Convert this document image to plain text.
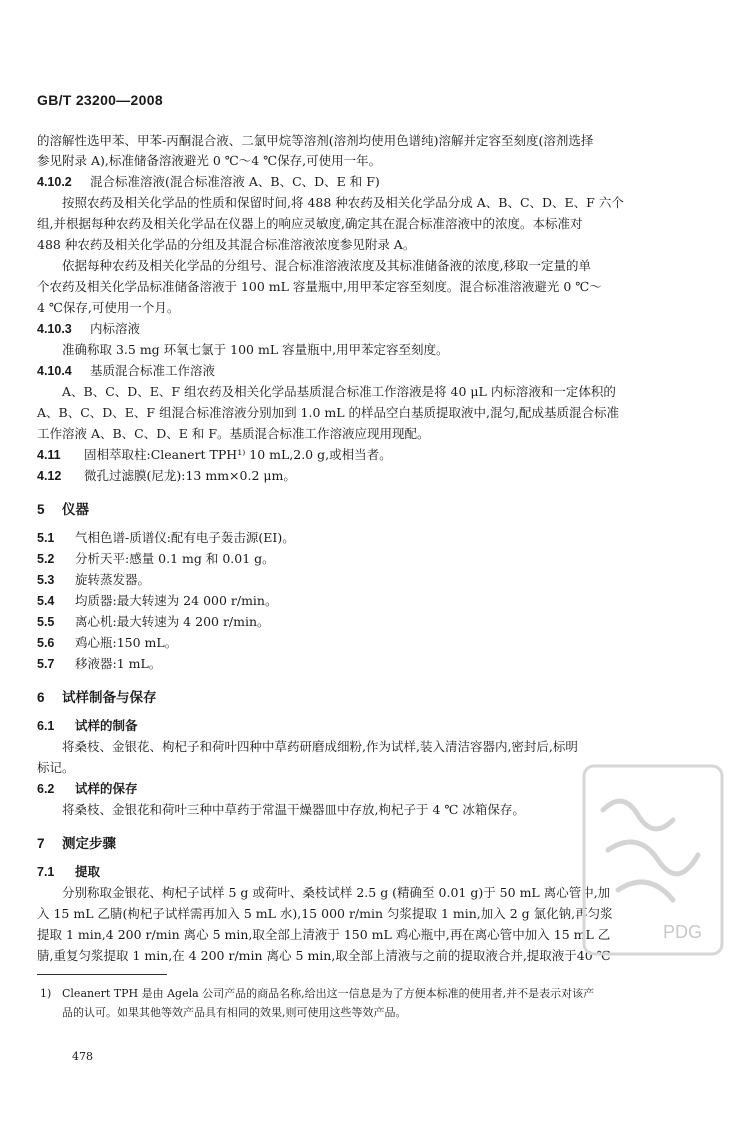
GB/T 23200—2008
的溶解性选甲苯、甲苯-丙酮混合液、二氯甲烷等溶剂(溶剂均使用色谱纯)溶解并定容至刻度(溶剂选择
参见附录 A),标准储备溶液避光 0 ℃～4 ℃保存,可使用一年。
4.10.2 混合标准溶液(混合标准溶液 A、B、C、D、E 和 F)
按照农药及相关化学品的性质和保留时间,将 488 种农药及相关化学品分成 A、B、C、D、E、F 六个
组,并根据每种农药及相关化学品在仪器上的响应灵敏度,确定其在混合标准溶液中的浓度。本标准对
488 种农药及相关化学品的分组及其混合标准溶液浓度参见附录 A。
依据每种农药及相关化学品的分组号、混合标准溶液浓度及其标准储备液的浓度,移取一定量的单
个农药及相关化学品标准储备溶液于 100 mL 容量瓶中,用甲苯定容至刻度。混合标准溶液避光 0 ℃～
4 ℃保存,可使用一个月。
4.10.3 内标溶液
准确称取 3.5 mg 环氧七氯于 100 mL 容量瓶中,用甲苯定容至刻度。
4.10.4 基质混合标准工作溶液
A、B、C、D、E、F 组农药及相关化学品基质混合标准工作溶液是将 40 μL 内标溶液和一定体积的
A、B、C、D、E、F 组混合标准溶液分别加到 1.0 mL 的样品空白基质提取液中,混匀,配成基质混合标准
工作溶液 A、B、C、D、E 和 F。基质混合标准工作溶液应现用现配。
4.11 固相萃取柱:Cleanert TPH¹⁾ 10 mL,2.0 g,或相当者。
4.12 微孔过滤膜(尼龙):13 mm×0.2 μm。
5 仪器
5.1 气相色谱-质谱仪:配有电子轰击源(EI)。
5.2 分析天平:感量 0.1 mg 和 0.01 g。
5.3 旋转蒸发器。
5.4 均质器:最大转速为 24 000 r/min。
5.5 离心机:最大转速为 4 200 r/min。
5.6 鸡心瓶:150 mL。
5.7 移液器:1 mL。
6 试样制备与保存
6.1 试样的制备
将桑枝、金银花、枸杞子和荷叶四种中草药研磨成细粉,作为试样,装入清洁容器内,密封后,标明
标记。
6.2 试样的保存
将桑枝、金银花和荷叶三种中草药于常温干燥器皿中存放,枸杞子于 4 ℃ 冰箱保存。
7 测定步骤
7.1 提取
分别称取金银花、枸杞子试样 5 g 或荷叶、桑枝试样 2.5 g (精确至 0.01 g)于 50 mL 离心管中,加
入 15 mL 乙腈(枸杞子试样需再加入 5 mL 水),15 000 r/min 匀浆提取 1 min,加入 2 g 氯化钠,再匀浆
提取 1 min,4 200 r/min 离心 5 min,取全部上清液于 150 mL 鸡心瓶中,再在离心管中加入 15 mL 乙
腈,重复匀浆提取 1 min,在 4 200 r/min 离心 5 min,取全部上清液与之前的提取液合并,提取液于40 ℃
1) Cleanert TPH 是由 Agela 公司产品的商品名称,给出这一信息是为了方便本标准的使用者,并不是表示对该产
品的认可。如果其他等效产品具有相同的效果,则可使用这些等效产品。
478
PDG
